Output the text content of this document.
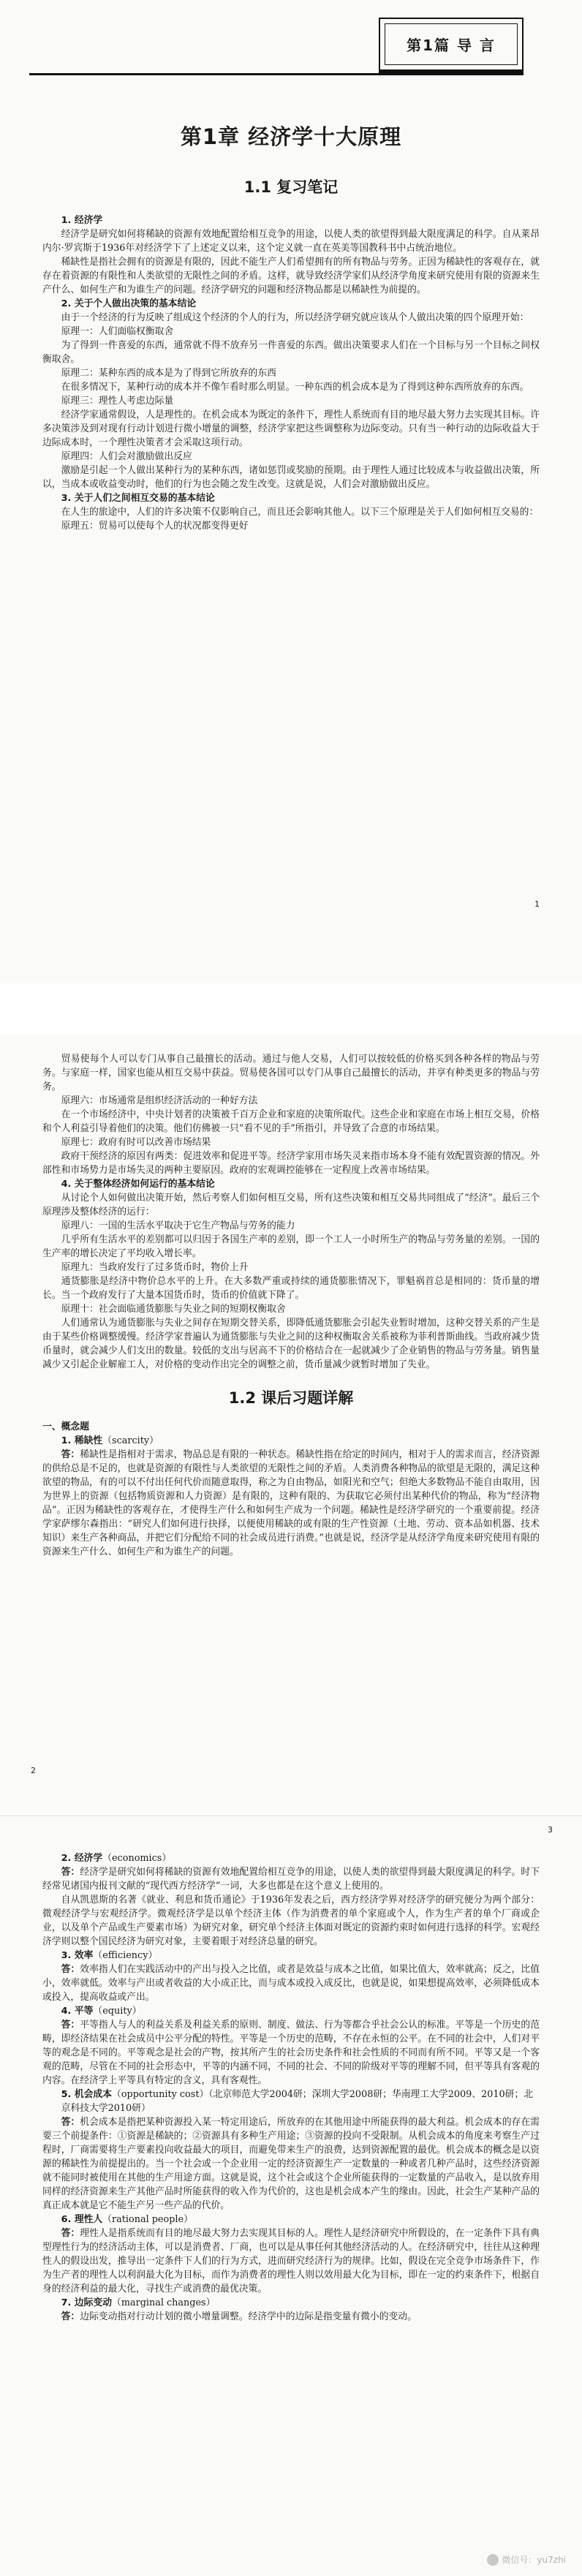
第1篇 导 言
第1章 经济学十大原理
1.1 复习笔记
1. 经济学

经济学是研究如何将稀缺的资源有效地配置给相互竞争的用途，以使人类的欲望得到最大限度满足的科学。自从莱昂内尔·罗宾斯于1936年对经济学下了上述定义以来，这个定义就一直在英美等国教科书中占统治地位。

稀缺性是指社会拥有的资源是有限的，因此不能生产人们希望拥有的所有物品与劳务。正因为稀缺性的客观存在，就存在着资源的有限性和人类欲望的无限性之间的矛盾。这样，就导致经济学家们从经济学角度来研究使用有限的资源来生产什么、如何生产和为谁生产的问题。经济学研究的问题和经济物品都是以稀缺性为前提的。

2. 关于个人做出决策的基本结论

由于一个经济的行为反映了组成这个经济的个人的行为，所以经济学研究就应该从个人做出决策的四个原理开始：

原理一：人们面临权衡取舍

为了得到一件喜爱的东西，通常就不得不放弃另一件喜爱的东西。做出决策要求人们在一个目标与另一个目标之间权衡取舍。

原理二：某种东西的成本是为了得到它所放弃的东西

在很多情况下，某种行动的成本并不像乍看时那么明显。一种东西的机会成本是为了得到这种东西所放弃的东西。

原理三：理性人考虑边际量

经济学家通常假设，人是理性的。在机会成本为既定的条件下，理性人系统而有目的地尽最大努力去实现其目标。许多决策涉及到对现有行动计划进行微小增量的调整，经济学家把这些调整称为边际变动。只有当一种行动的边际收益大于边际成本时，一个理性决策者才会采取这项行动。

原理四：人们会对激励做出反应

激励是引起一个人做出某种行为的某种东西，诸如惩罚或奖励的预期。由于理性人通过比较成本与收益做出决策，所以，当成本或收益变动时，他们的行为也会随之发生改变。这就是说，人们会对激励做出反应。

3. 关于人们之间相互交易的基本结论

在人生的旅途中，人们的许多决策不仅影响自己，而且还会影响其他人。以下三个原理是关于人们如何相互交易的：

原理五：贸易可以使每个人的状况都变得更好
1

贸易使每个人可以专门从事自己最擅长的活动。通过与他人交易，人们可以按较低的价格买到各种各样的物品与劳务。与家庭一样，国家也能从相互交易中获益。贸易使各国可以专门从事自己最擅长的活动，并享有种类更多的物品与劳务。

原理六：市场通常是组织经济活动的一种好方法

在一个市场经济中，中央计划者的决策被千百万企业和家庭的决策所取代。这些企业和家庭在市场上相互交易，价格和个人利益引导着他们的决策。他们仿佛被一只“看不见的手”所指引，并导致了合意的市场结果。

原理七：政府有时可以改善市场结果

政府干预经济的原因有两类：促进效率和促进平等。经济学家用市场失灵来指市场本身不能有效配置资源的情况。外部性和市场势力是市场失灵的两种主要原因。政府的宏观调控能够在一定程度上改善市场结果。

4. 关于整体经济如何运行的基本结论

从讨论个人如何做出决策开始，然后考察人们如何相互交易，所有这些决策和相互交易共同组成了“经济”。最后三个原理涉及整体经济的运行：

原理八：一国的生活水平取决于它生产物品与劳务的能力

几乎所有生活水平的差别都可以归因于各国生产率的差别，即一个工人一小时所生产的物品与劳务量的差别。一国的生产率的增长决定了平均收入增长率。

原理九：当政府发行了过多货币时，物价上升

通货膨胀是经济中物价总水平的上升。在大多数严重或持续的通货膨胀情况下，罪魁祸首总是相同的：货币量的增长。当一个政府发行了大量本国货币时，货币的价值就下降了。

原理十：社会面临通货膨胀与失业之间的短期权衡取舍

人们通常认为通货膨胀与失业之间存在短期交替关系，即降低通货膨胀会引起失业暂时增加，这种交替关系的产生是由于某些价格调整缓慢。经济学家普遍认为通货膨胀与失业之间的这种权衡取舍关系被称为菲利普斯曲线。当政府减少货币量时，就会减少人们支出的数量。较低的支出与居高不下的价格结合在一起就减少了企业销售的物品与劳务量。销售量减少又引起企业解雇工人，对价格的变动作出完全的调整之前，货币量减少就暂时增加了失业。

1.2 课后习题详解
一、概念题
1. 稀缺性（scarcity）

答：稀缺性是指相对于需求，物品总是有限的一种状态。稀缺性指在给定的时间内，相对于人的需求而言，经济资源的供给总是不足的，也就是资源的有限性与人类欲望的无限性之间的矛盾。人类消费各种物品的欲望是无限的，满足这种欲望的物品，有的可以不付出任何代价而随意取得，称之为自由物品，如阳光和空气；但绝大多数物品不能自由取用，因为世界上的资源（包括物质资源和人力资源）是有限的，这种有限的、为获取它必须付出某种代价的物品，称为“经济物品”。正因为稀缺性的客观存在，才使得生产什么和如何生产成为一个问题。稀缺性是经济学研究的一个重要前提。经济学家萨缪尔森指出：“研究人们如何进行抉择，以便使用稀缺的或有限的生产性资源（土地、劳动、资本品如机器、技术知识）来生产各种商品，并把它们分配给不同的社会成员进行消费。”也就是说，经济学是从经济学角度来研究使用有限的资源来生产什么、如何生产和为谁生产的问题。

2
2. 经济学（economics）

答：经济学是研究如何将稀缺的资源有效地配置给相互竞争的用途，以使人类的欲望得到最大限度满足的科学。时下经常见诸国内报刊文献的“现代西方经济学”一词，大多也都是在这个意义上使用的。

自从凯恩斯的名著《就业、利息和货币通论》于1936年发表之后，西方经济学界对经济学的研究便分为两个部分：微观经济学与宏观经济学。微观经济学是以单个经济主体（作为消费者的单个家庭或个人，作为生产者的单个厂商或企业，以及单个产品或生产要素市场）为研究对象，研究单个经济主体面对既定的资源约束时如何进行选择的科学。宏观经济学则以整个国民经济为研究对象，主要着眼于对经济总量的研究。

3. 效率（efficiency）

答：效率指人们在实践活动中的产出与投入之比值，或者是效益与成本之比值，如果比值大，效率就高；反之，比值小，效率就低。效率与产出或者收益的大小成正比，而与成本或投入成反比，也就是说，如果想提高效率，必须降低成本或投入，提高收益或产出。

4. 平等（equity）

答：平等指人与人的利益关系及利益关系的原则、制度、做法、行为等都合乎社会公认的标准。平等是一个历史的范畴，即经济结果在社会成员中公平分配的特性。平等是一个历史的范畴，不存在永恒的公平。在不同的社会中，人们对平等的观念是不同的。平等观念是社会的产物，按其所产生的社会历史条件和社会性质的不同而有所不同。平等又是一个客观的范畴，尽管在不同的社会形态中，平等的内涵不同，不同的社会、不同的阶级对平等的理解不同，但平等具有客观的内容。在经济学上平等具有特定的含义，具有客观性。

5. 机会成本（opportunity cost）（北京师范大学2004研；深圳大学2008研；华南理工大学2009、2010研；北京科技大学2010研）

答：机会成本是指把某种资源投入某一特定用途后，所放弃的在其他用途中所能获得的最大利益。机会成本的存在需要三个前提条件：①资源是稀缺的；②资源具有多种生产用途；③资源的投向不受限制。从机会成本的角度来考察生产过程时，厂商需要将生产要素投向收益最大的项目，而避免带来生产的浪费，达到资源配置的最优。机会成本的概念是以资源的稀缺性为前提提出的。当一个社会或一个企业用一定的经济资源生产一定数量的一种或者几种产品时，这些经济资源就不能同时被使用在其他的生产用途方面。这就是说，这个社会或这个企业所能获得的一定数量的产品收入，是以放弃用同样的经济资源来生产其他产品时所能获得的收入作为代价的，这也是机会成本产生的缘由。因此，社会生产某种产品的真正成本就是它不能生产另一些产品的代价。

6. 理性人（rational people）

答：理性人是指系统而有目的地尽最大努力去实现其目标的人。理性人是经济研究中所假设的，在一定条件下具有典型理性行为的经济活动主体，可以是消费者、厂商，也可以是从事任何其他经济活动的人。在经济研究中，往往从这种理性人的假设出发，推导出一定条件下人们的行为方式，进而研究经济行为的规律。比如，假设在完全竞争市场条件下，作为生产者的理性人以利润最大化为目标，而作为消费者的理性人则以效用最大化为目标，即在一定的约束条件下，根据自身的经济利益的最大化，寻找生产或消费的最优决策。

7. 边际变动（marginal changes）

答：边际变动指对行动计划的微小增量调整。经济学中的边际是指变量有微小的变动。

3
微信号：yu7zhi
